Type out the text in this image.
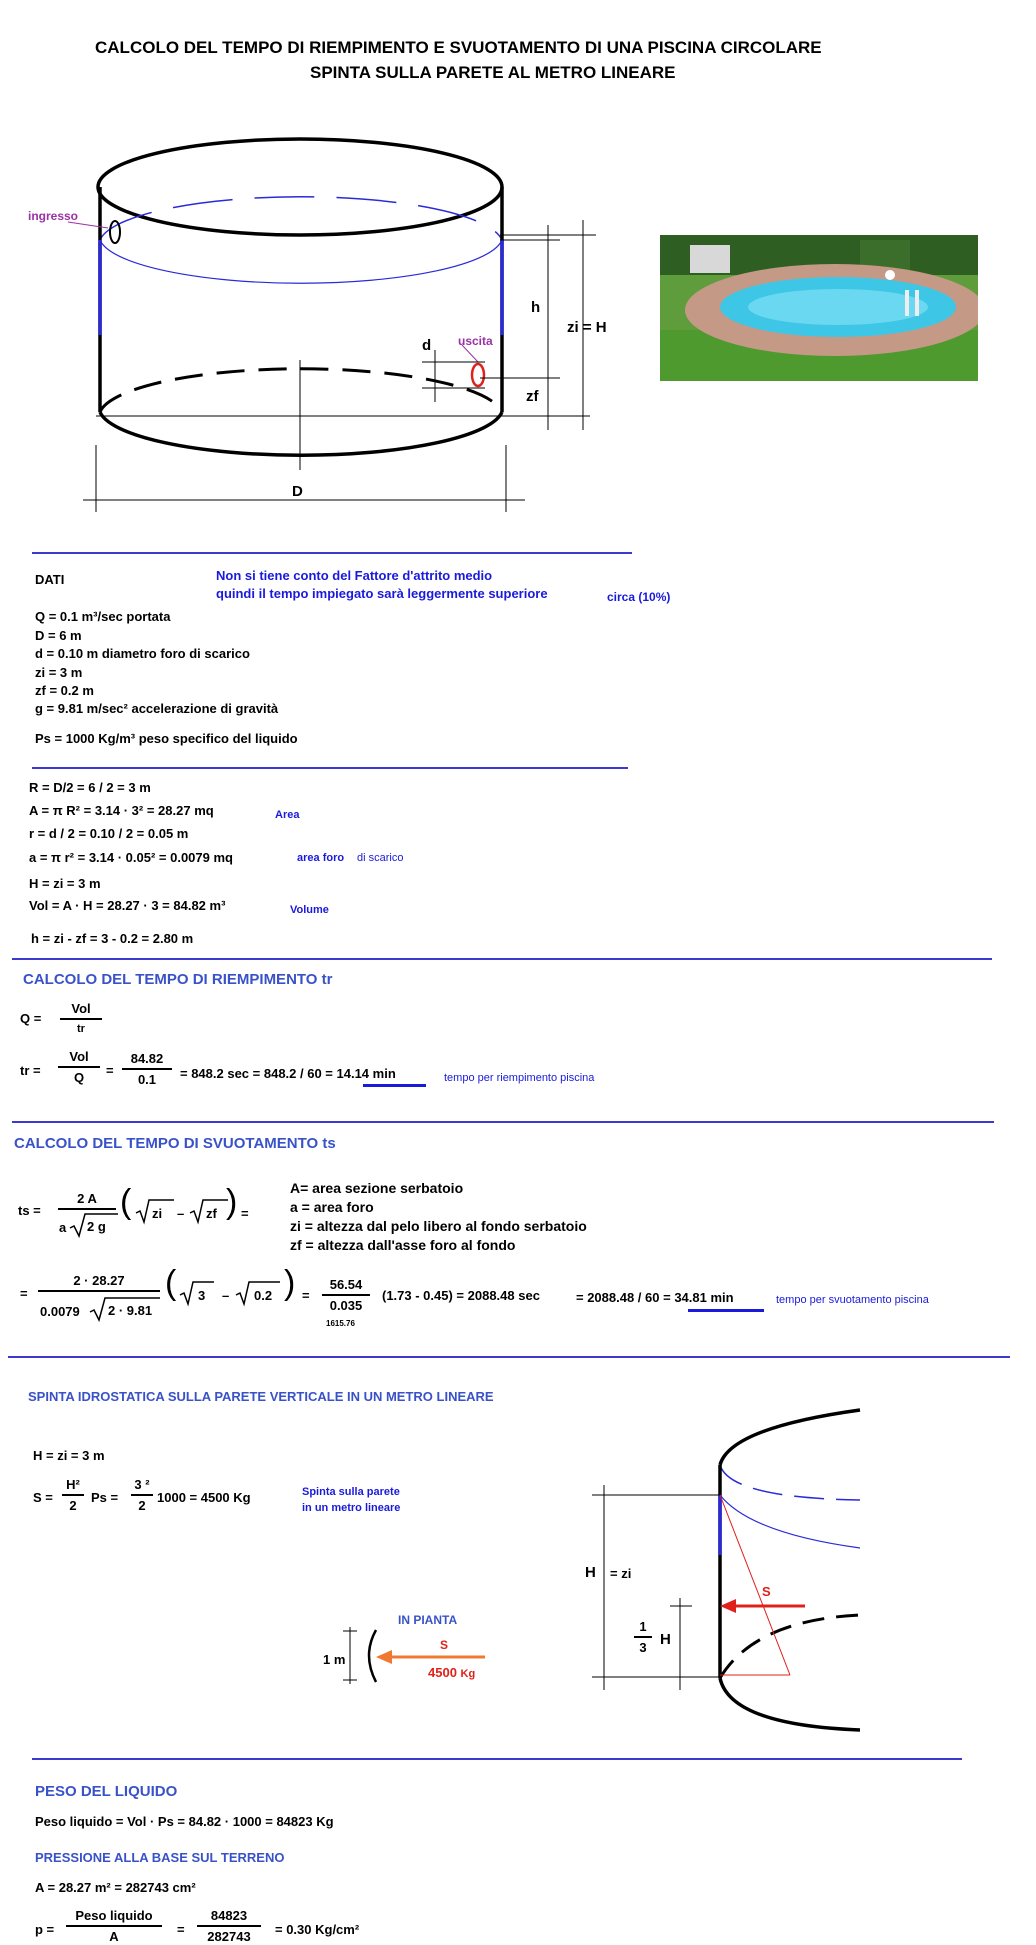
CALCOLO DEL TEMPO DI RIEMPIMENTO E SVUOTAMENTO DI UNA PISCINA CIRCOLARE
SPINTA SULLA PARETE AL METRO LINEARE
ingresso
uscita
h
zi = H
d
zf
D
DATI	Non si tiene conto del Fattore d'attrito medio
quindi il tempo impiegato sarà leggermente superiore	circa (10%)
Q = 0.1 m³/sec portata
D = 6 m
d = 0.10 m diametro foro di scarico
zi = 3 m
zf = 0.2 m
g = 9.81 m/sec² accelerazione di gravità
Ps = 1000 Kg/m³ peso specifico del liquido
R = D/2 = 6 / 2 = 3 m
A = π R² = 3.14 · 3² = 28.27 mq	Area
r = d / 2 = 0.10 / 2 = 0.05 m
a = π r² = 3.14 · 0.05² = 0.0079 mq	area foro di scarico
H = zi = 3 m
Vol = A · H = 28.27 · 3 = 84.82 m³	Volume
h = zi - zf = 3 - 0.2 = 2.80 m
CALCOLO DEL TEMPO DI RIEMPIMENTO tr
Q =
Vol
tr
tr =
Vol
Q	=
84.82
0.1	= 848.2 sec = 848.2 / 60 = 14.14 min	tempo per riempimento piscina
CALCOLO DEL TEMPO DI SVUOTAMENTO ts
ts =
2 A
a 2 g
( zi – zf ) =
A= area sezione serbatoio
a = area foro
zi = altezza dal pelo libero al fondo serbatoio
zf = altezza dall'asse foro al fondo
=
2 · 28.27
0.0079 2 · 9.81
( 3 – 0.2 ) =
56.54
0.035
1615.76
(1.73 - 0.45) = 2088.48 sec	= 2088.48 / 60 = 34.81 min	tempo per svuotamento piscina
SPINTA IDROSTATICA SULLA PARETE VERTICALE IN UN METRO LINEARE
H = zi = 3 m
S =
H²
2
Ps =
3 ²
2
1000 = 4500 Kg	Spinta sulla parete
in un metro lineare
IN PIANTA
1 m
S
4500 Kg
H = zi
1
3 H
S
PESO DEL LIQUIDO
Peso liquido = Vol · Ps = 84.82 · 1000 = 84823 Kg
PRESSIONE ALLA BASE SUL TERRENO
A = 28.27 m² = 282743 cm²
p =
Peso liquido
A	=
84823
282743	= 0.30 Kg/cm²
